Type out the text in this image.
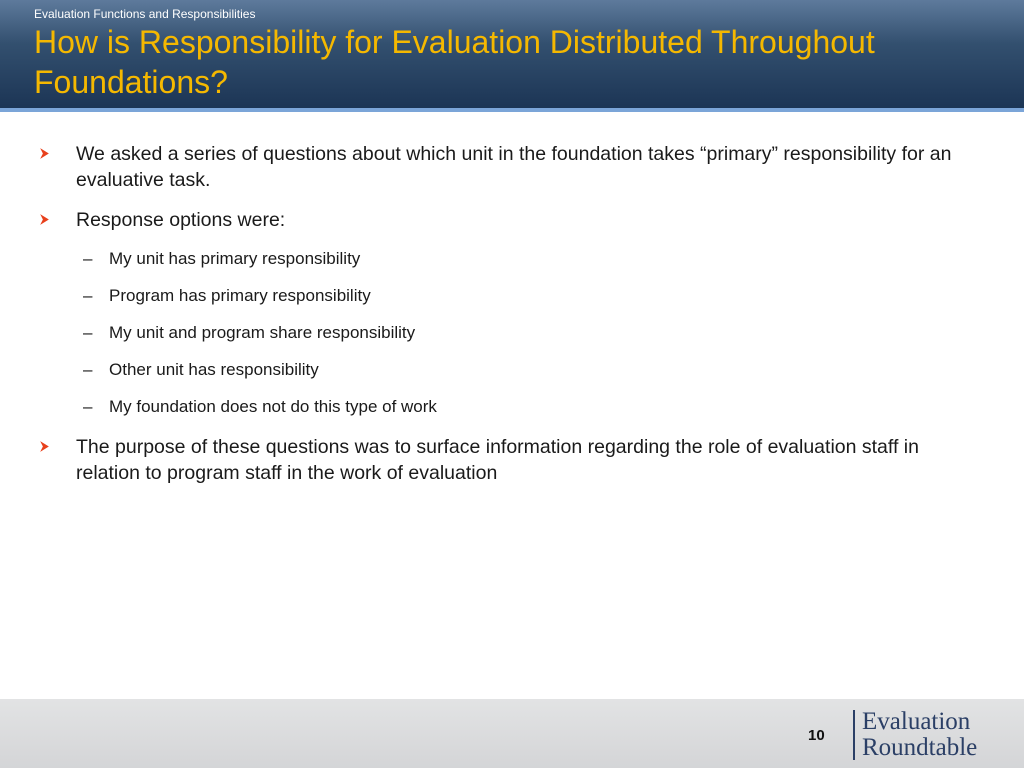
Evaluation Functions and Responsibilities
How is Responsibility for Evaluation Distributed Throughout Foundations?
We asked a series of questions about which unit in the foundation takes “primary” responsibility for an evaluative task.
Response options were:
– My unit has primary responsibility
– Program has primary responsibility
– My unit and program share responsibility
– Other unit has responsibility
– My foundation does not do this type of work
The purpose of these questions was to surface information regarding the role of evaluation staff in relation to program staff in the work of evaluation
10
Evaluation
Roundtable
